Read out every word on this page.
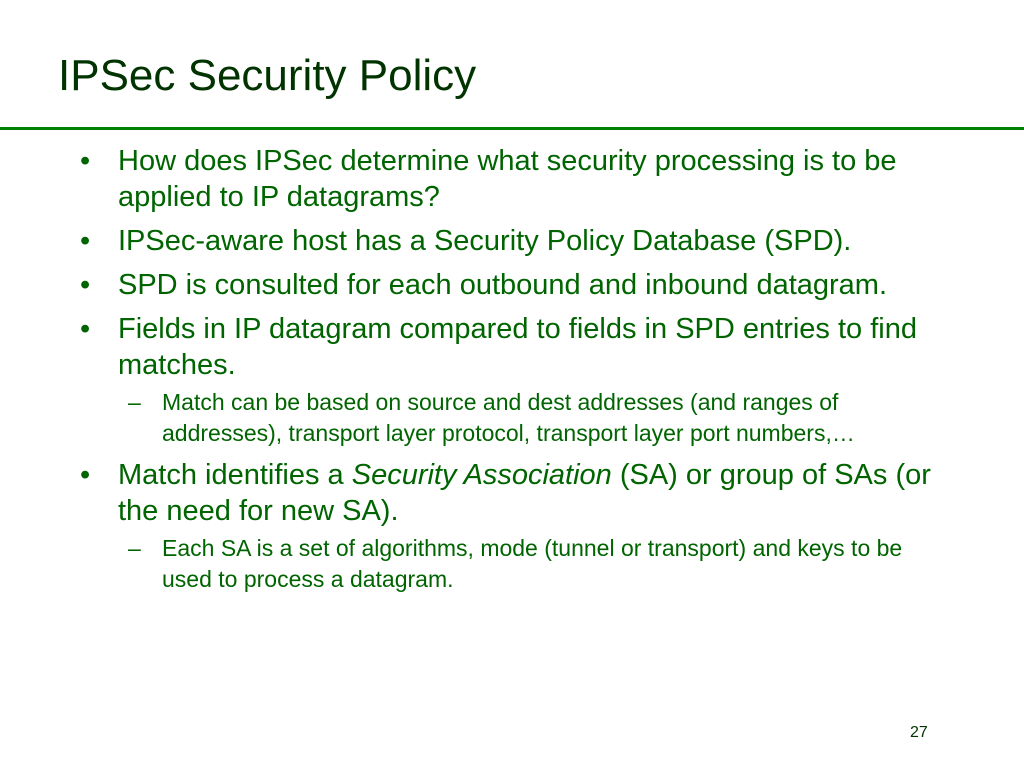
IPSec Security Policy
• How does IPSec determine what security processing is to be applied to IP datagrams?
• IPSec-aware host has a Security Policy Database (SPD).
• SPD is consulted for each outbound and inbound datagram.
• Fields in IP datagram compared to fields in SPD entries to find matches.
– Match can be based on source and dest addresses (and ranges of addresses), transport layer protocol, transport layer port numbers,…
• Match identifies a Security Association (SA) or group of SAs (or the need for new SA).
– Each SA is a set of algorithms, mode (tunnel or transport) and keys to be used to process a datagram.
27
